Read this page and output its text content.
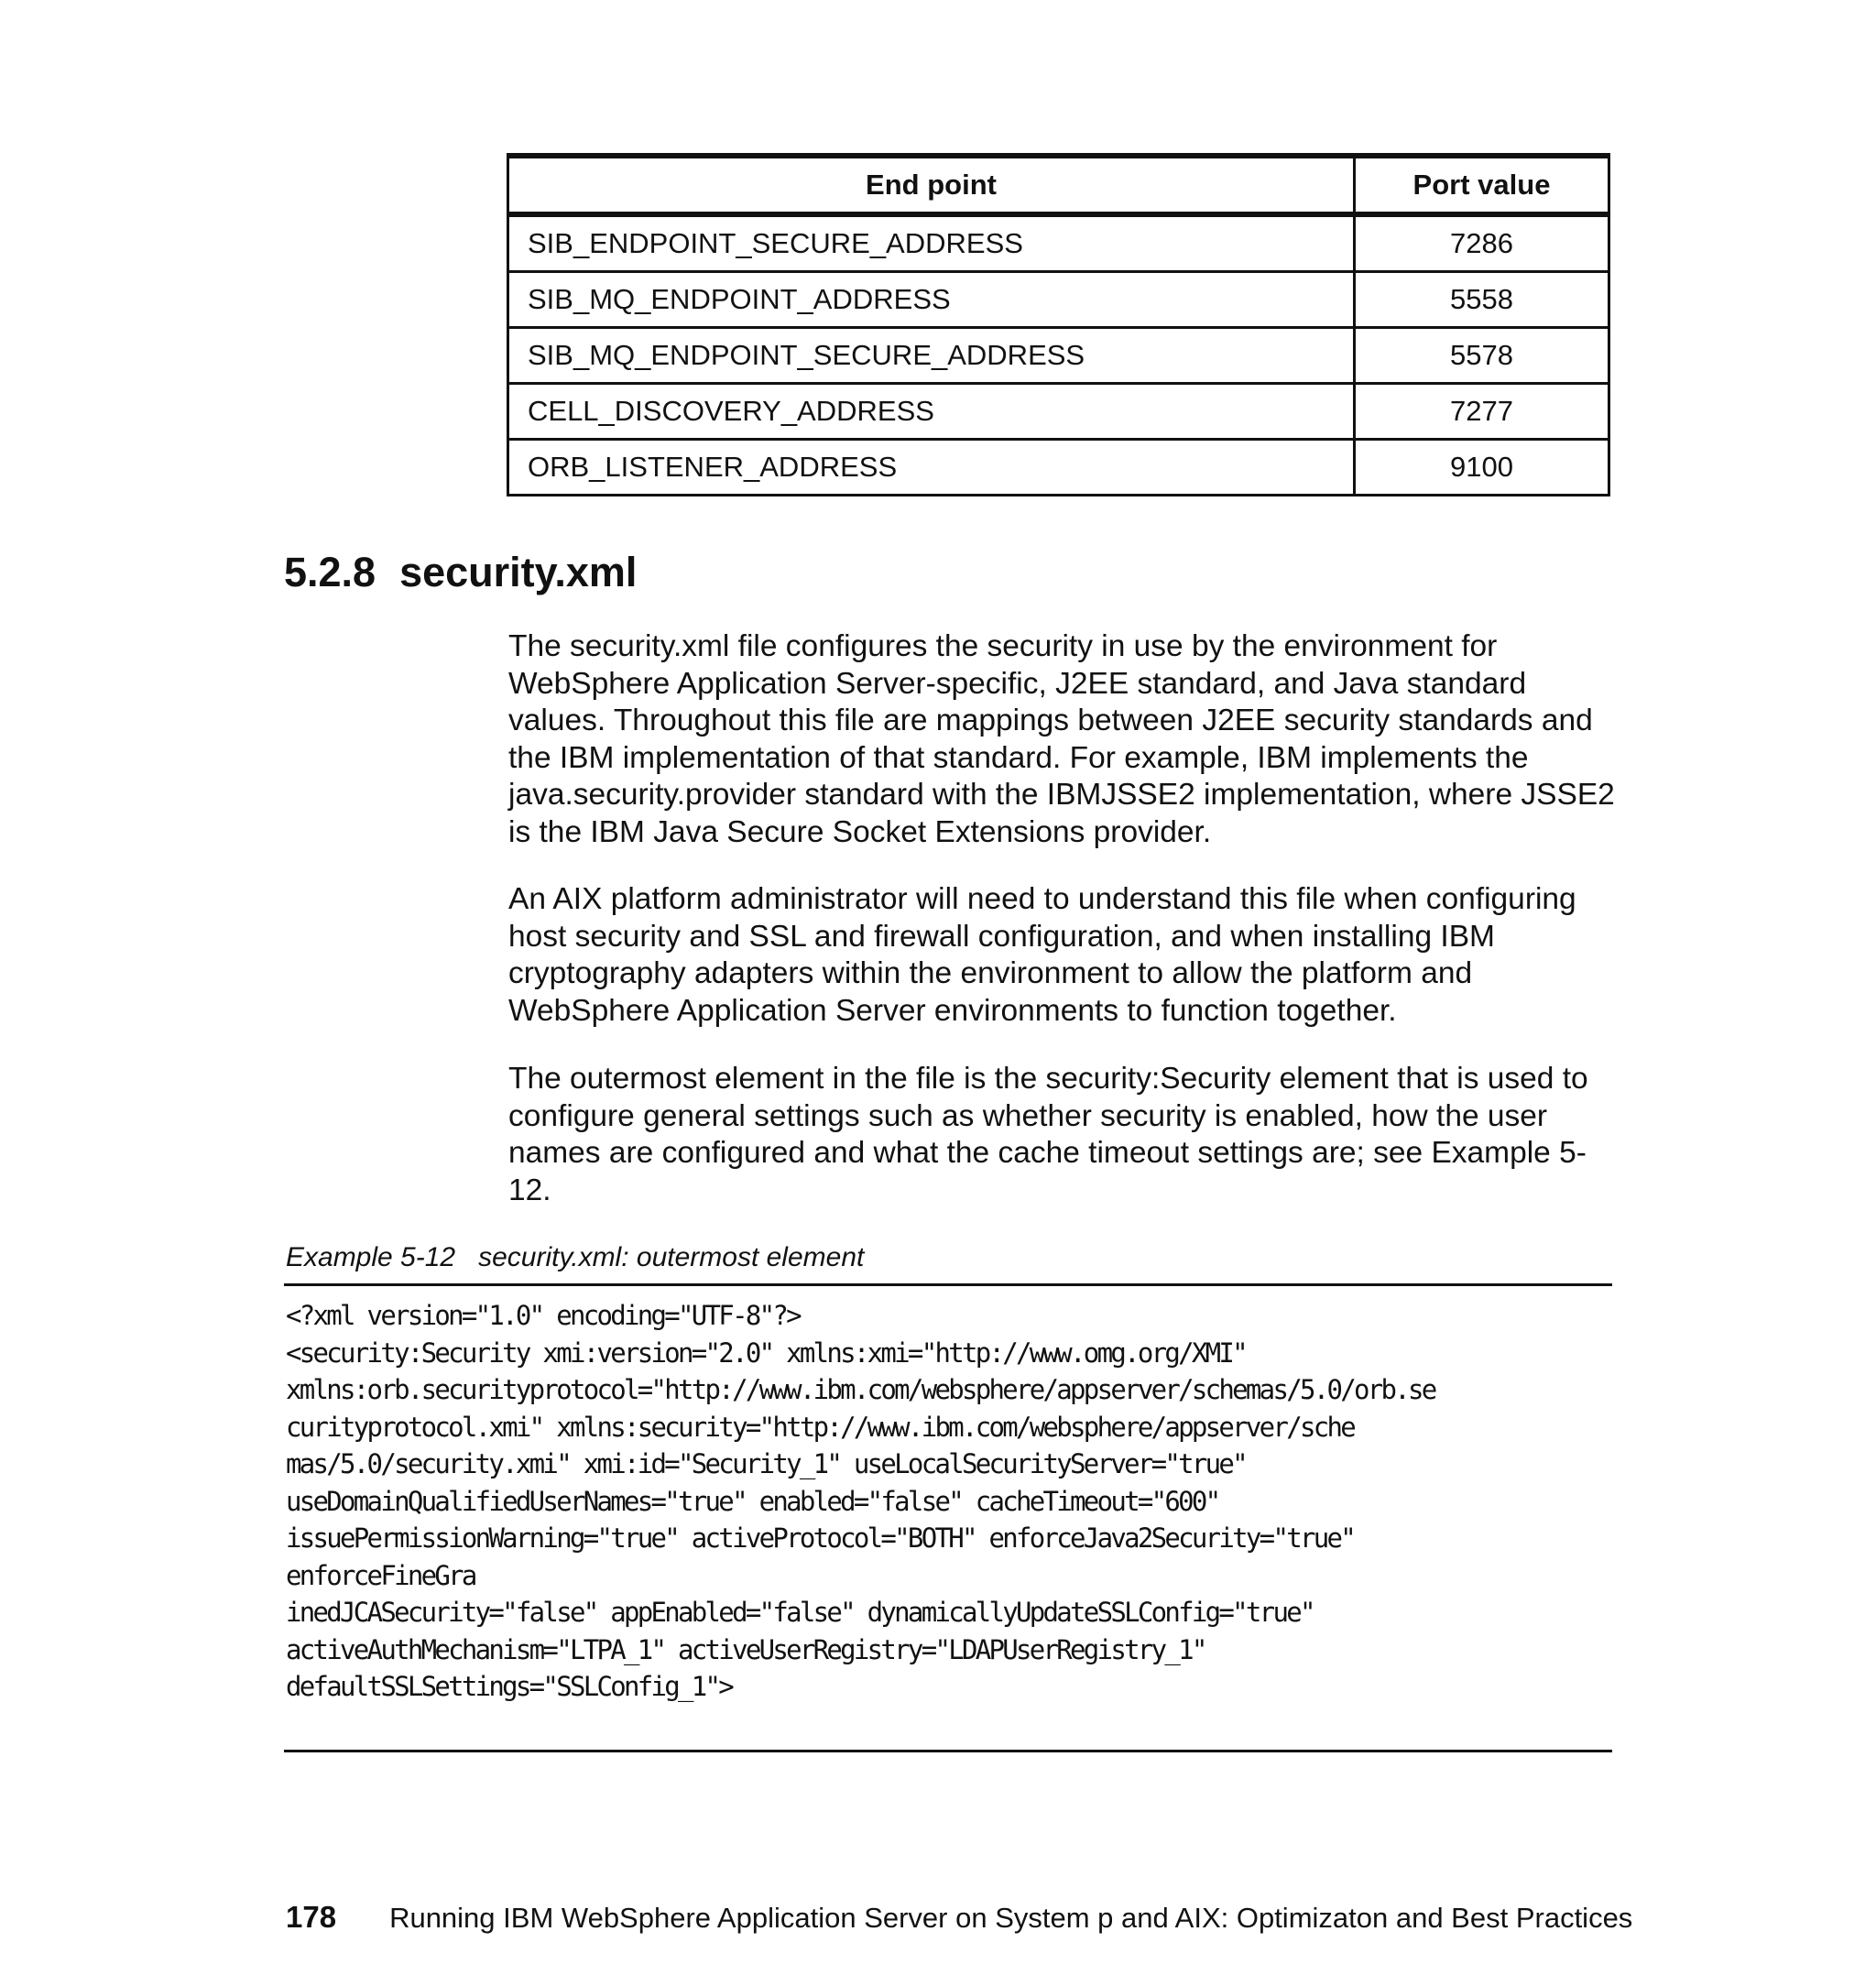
End point	Port value
SIB_ENDPOINT_SECURE_ADDRESS	7286
SIB_MQ_ENDPOINT_ADDRESS	5558
SIB_MQ_ENDPOINT_SECURE_ADDRESS	5578
CELL_DISCOVERY_ADDRESS	7277
ORB_LISTENER_ADDRESS	9100
5.2.8 security.xml

The security.xml file configures the security in use by the environment for WebSphere Application Server-specific, J2EE standard, and Java standard values. Throughout this file are mappings between J2EE security standards and the IBM implementation of that standard. For example, IBM implements the java.security.provider standard with the IBMJSSE2 implementation, where JSSE2 is the IBM Java Secure Socket Extensions provider.

An AIX platform administrator will need to understand this file when configuring host security and SSL and firewall configuration, and when installing IBM cryptography adapters within the environment to allow the platform and WebSphere Application Server environments to function together.

The outermost element in the file is the security:Security element that is used to configure general settings such as whether security is enabled, how the user names are configured and what the cache timeout settings are; see Example 5-12.

Example 5-12   security.xml: outermost element
<?xml version="1.0" encoding="UTF-8"?>
<security:Security xmi:version="2.0" xmlns:xmi="http://www.omg.org/XMI"
xmlns:orb.securityprotocol="http://www.ibm.com/websphere/appserver/schemas/5.0/orb.se
curityprotocol.xmi" xmlns:security="http://www.ibm.com/websphere/appserver/sche
mas/5.0/security.xmi" xmi:id="Security_1" useLocalSecurityServer="true"
useDomainQualifiedUserNames="true" enabled="false" cacheTimeout="600"
issuePermissionWarning="true" activeProtocol="BOTH" enforceJava2Security="true"
enforceFineGra
inedJCASecurity="false" appEnabled="false" dynamicallyUpdateSSLConfig="true"
activeAuthMechanism="LTPA_1" activeUserRegistry="LDAPUserRegistry_1"
defaultSSLSettings="SSLConfig_1">
178 Running IBM WebSphere Application Server on System p and AIX: Optimizaton and Best Practices
